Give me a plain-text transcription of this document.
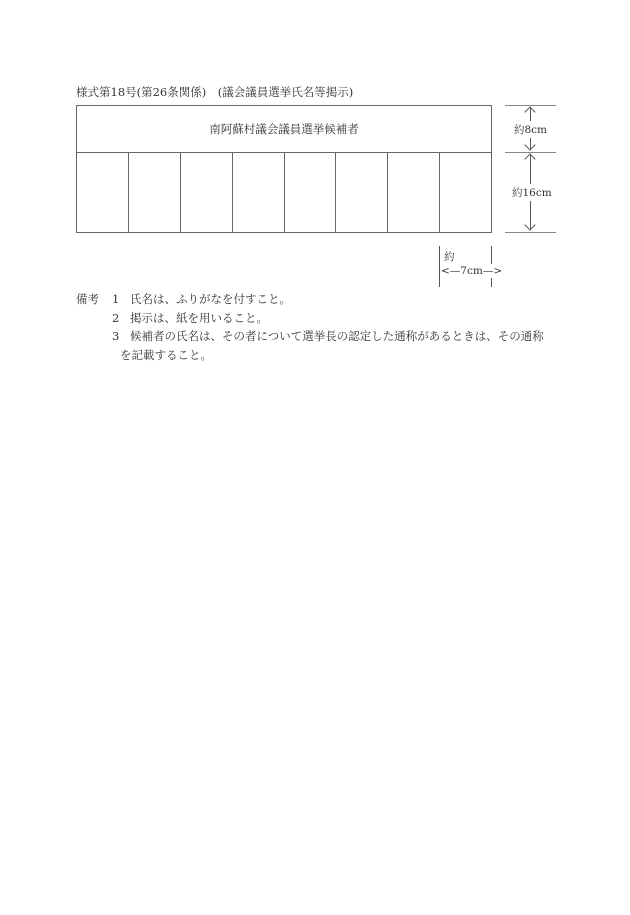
様式第18号(第26条関係)　(議会議員選挙氏名等掲示)
南阿蘇村議会議員選挙候補者	約8cm
約16cm
約
<—7cm—>
備考 1 氏名は、ふりがなを付すこと。
2 掲示は、紙を用いること。
3 候補者の氏名は、その者について選挙長の認定した通称があるときは、その通称
を記載すること。
